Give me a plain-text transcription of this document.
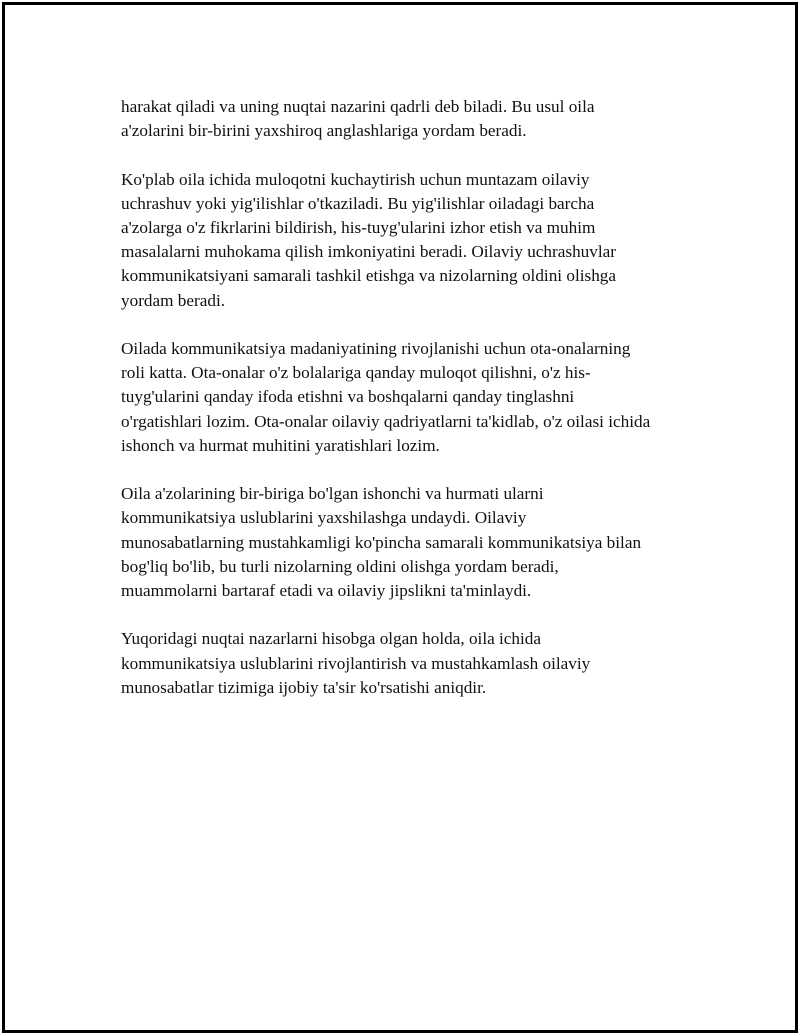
harakat qiladi va uning nuqtai nazarini qadrli deb biladi. Bu usul oila
a'zolarini bir-birini yaxshiroq anglashlariga yordam beradi.

Ko'plab oila ichida muloqotni kuchaytirish uchun muntazam oilaviy
uchrashuv yoki yig'ilishlar o'tkaziladi. Bu yig'ilishlar oiladagi barcha
a'zolarga o'z fikrlarini bildirish, his-tuyg'ularini izhor etish va muhim
masalalarni muhokama qilish imkoniyatini beradi. Oilaviy uchrashuvlar
kommunikatsiyani samarali tashkil etishga va nizolarning oldini olishga
yordam beradi.

Oilada kommunikatsiya madaniyatining rivojlanishi uchun ota-onalarning
roli katta. Ota-onalar o'z bolalariga qanday muloqot qilishni, o'z his-
tuyg'ularini qanday ifoda etishni va boshqalarni qanday tinglashni
o'rgatishlari lozim. Ota-onalar oilaviy qadriyatlarni ta'kidlab, o'z oilasi ichida
ishonch va hurmat muhitini yaratishlari lozim.

Oila a'zolarining bir-biriga bo'lgan ishonchi va hurmati ularni
kommunikatsiya uslublarini yaxshilashga undaydi. Oilaviy
munosabatlarning mustahkamligi ko'pincha samarali kommunikatsiya bilan
bog'liq bo'lib, bu turli nizolarning oldini olishga yordam beradi,
muammolarni bartaraf etadi va oilaviy jipslikni ta'minlaydi.

Yuqoridagi nuqtai nazarlarni hisobga olgan holda, oila ichida
kommunikatsiya uslublarini rivojlantirish va mustahkamlash oilaviy
munosabatlar tizimiga ijobiy ta'sir ko'rsatishi aniqdir.
